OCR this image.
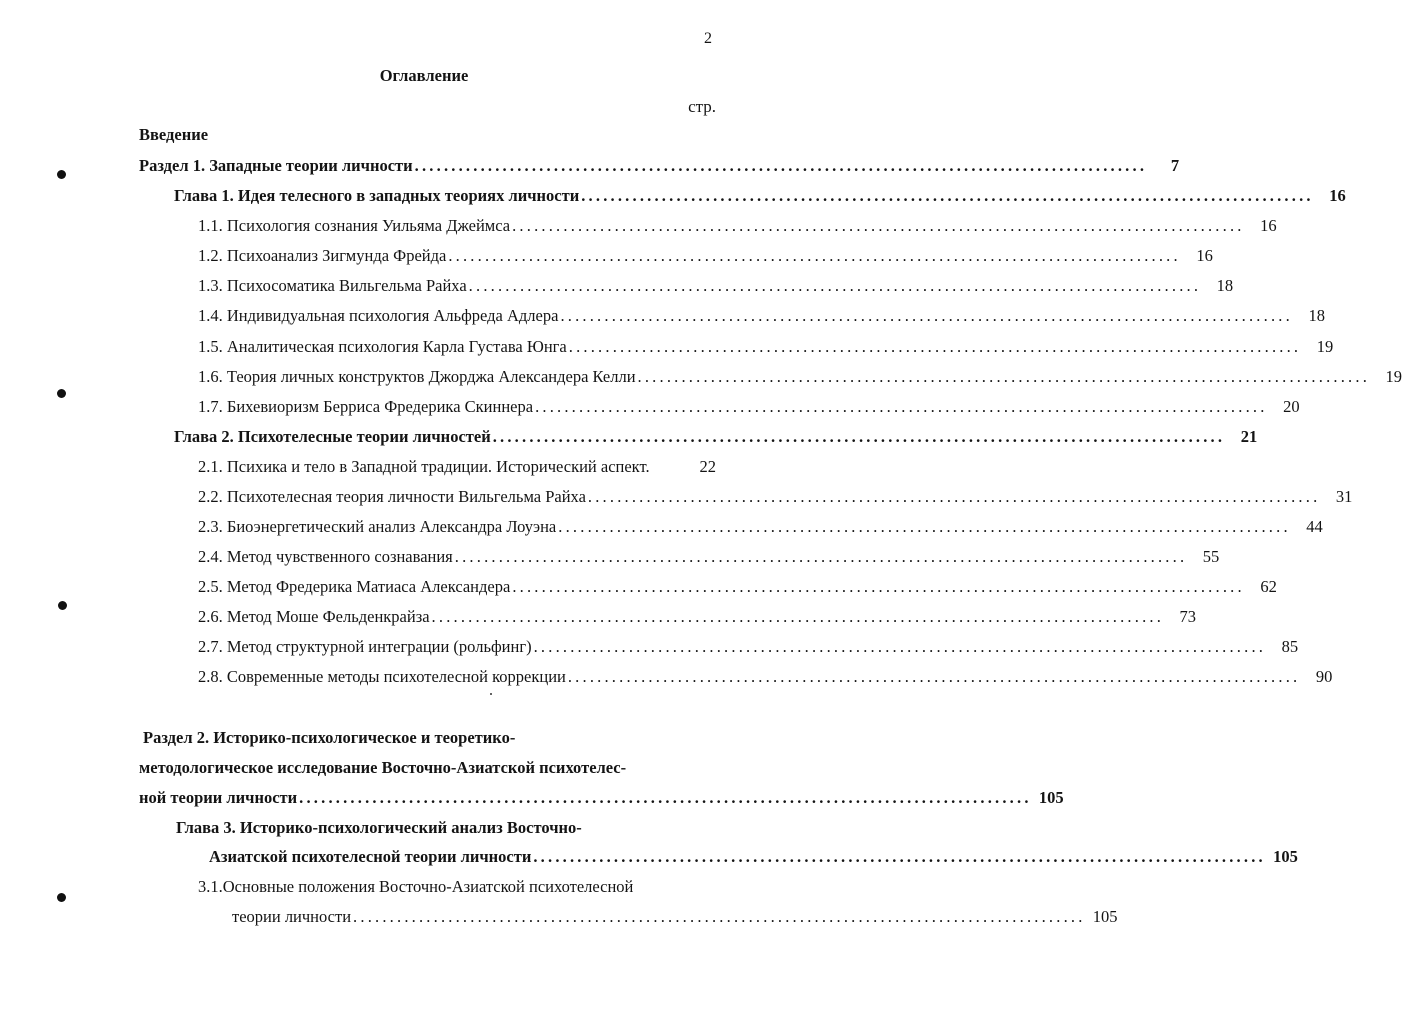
2
Оглавление
стр.
Введение
Раздел 1. Западные теории личности ....................................................................................................	7
Глава 1. Идея телесного в западных теориях личности .................................................................................................... 16
1.1. Психология сознания Уильяма Джеймса .................................................................................................... 16
1.2. Психоанализ Зигмунда Фрейда .................................................................................................... 16
1.3. Психосоматика Вильгельма Райха .................................................................................................... 18
1.4. Индивидуальная психология Альфреда Адлера .................................................................................................... 18
1.5. Аналитическая психология Карла Густава Юнга .................................................................................................... 19
1.6. Теория личных конструктов Джорджа Александера Келли .................................................................................................... 19
1.7. Бихевиоризм Берриса Фредерика Скиннера .................................................................................................... 20
Глава 2. Психотелесные теории личностей .................................................................................................... 21
2.1. Психика и тело в Западной традиции. Исторический аспект.	22
2.2. Психотелесная теория личности Вильгельма Райха .................................................................................................... 31
2.3. Биоэнергетический анализ Александра Лоуэна .................................................................................................... 44
2.4. Метод чувственного сознавания .................................................................................................... 55
2.5. Метод Фредерика Матиаса Александера .................................................................................................... 62
2.6. Метод Моше Фельденкрайза .................................................................................................... 73
2.7. Метод структурной интеграции (рольфинг) .................................................................................................... 85
2.8. Современные методы психотелесной коррекции .................................................................................................... 90
Раздел 2. Историко-психологическое и теоретико-
методологическое исследование Восточно-Азиатской психотелес-
ной теории личности .................................................................................................... 105
Глава 3. Историко-психологический анализ Восточно-
Азиатской психотелесной теории личности .................................................................................................... 105
3.1.Основные положения Восточно-Азиатской психотелесной
теории личности .................................................................................................... 105
